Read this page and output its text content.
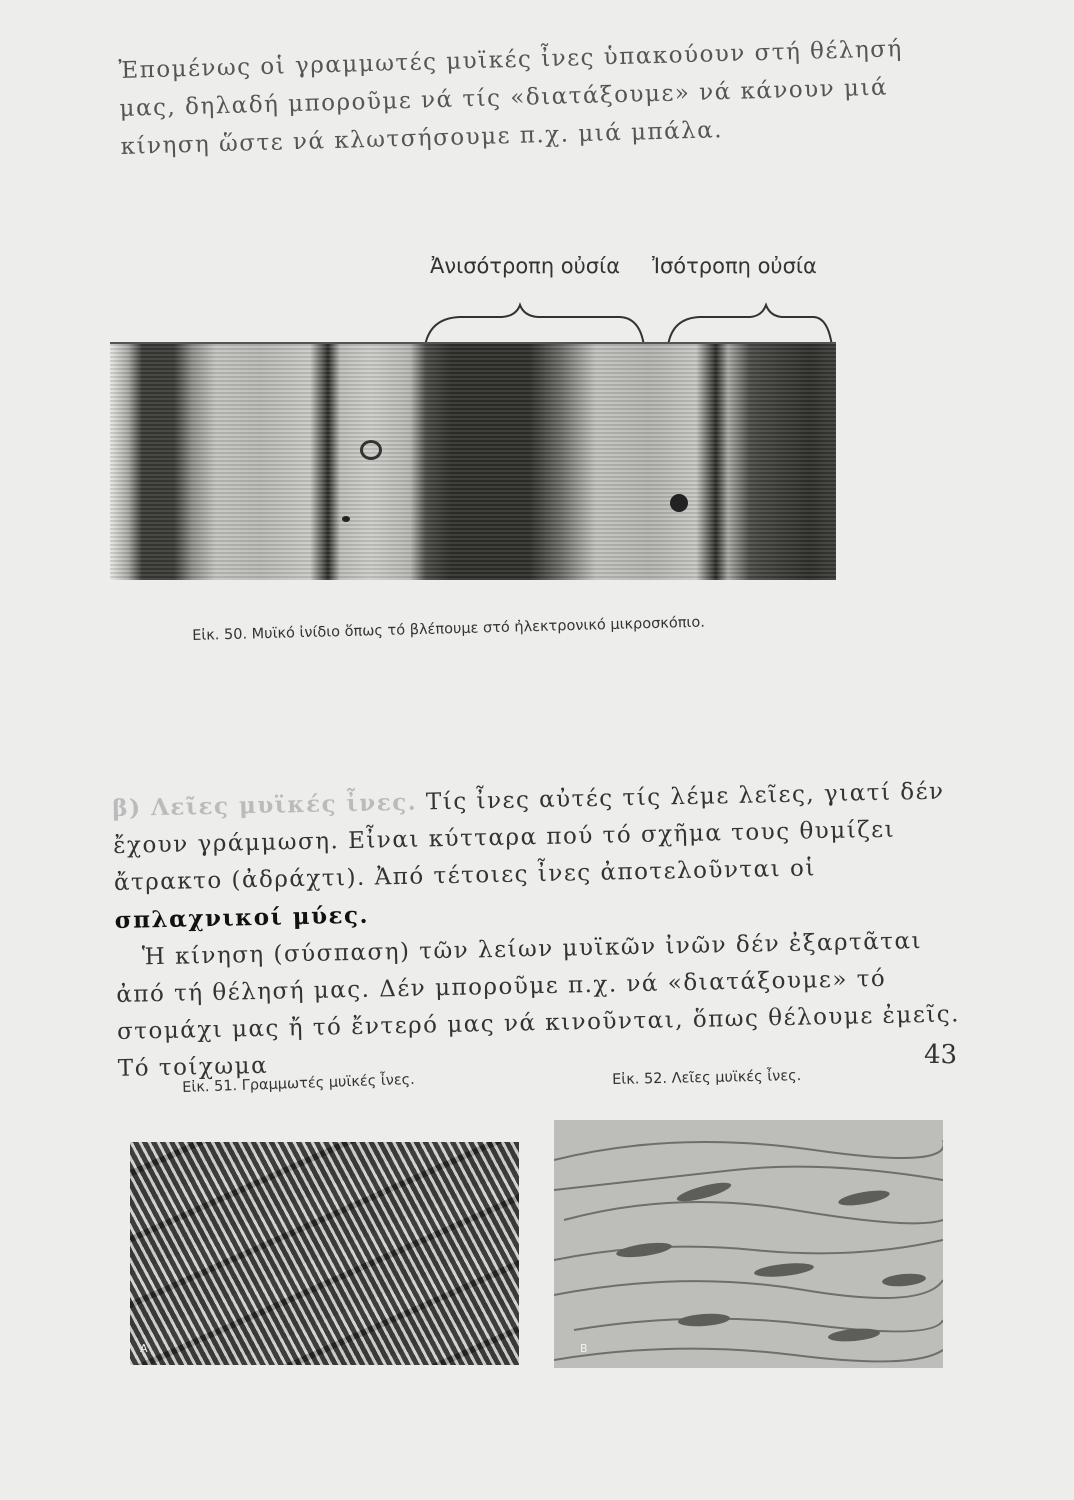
Ἐπομένως οἱ γραμμωτές μυϊκές ἶνες ὑπακούουν στή θέλησή μας, δηλαδή μποροῦμε νά τίς «διατάξουμε» νά κάνουν μιά κίνηση ὥστε νά κλωτσήσουμε π.χ. μιά μπάλα.

Ἀνισότροπη οὐσία Ἰσότροπη οὐσία
Εἰκ. 50. Μυϊκό ἰνίδιο ὅπως τό βλέπουμε στό ἠλεκτρονικό μικροσκόπιο.

β) Λεῖες μυϊκές ἶνες. Τίς ἶνες αὐτές τίς λέμε λεῖες, γιατί δέν ἔχουν γράμμωση. Εἶναι κύτταρα πού τό σχῆμα τους θυμίζει ἄτρακτο (ἀδράχτι). Ἀπό τέτοιες ἶνες ἀποτελοῦνται οἱ σπλαχνικοί μύες.
Ἡ κίνηση (σύσπαση) τῶν λείων μυϊκῶν ἰνῶν δέν ἐξαρτᾶται ἀπό τή θέλησή μας. Δέν μποροῦμε π.χ. νά «διατάξουμε» τό στομάχι μας ἤ τό ἔντερό μας νά κινοῦνται, ὅπως θέλουμε ἐμεῖς. Τό τοίχωμα

Εἰκ. 51. Γραμμωτές μυϊκές ἶνες.	Εἰκ. 52. Λεῖες μυϊκές ἶνες.
A	B
43
